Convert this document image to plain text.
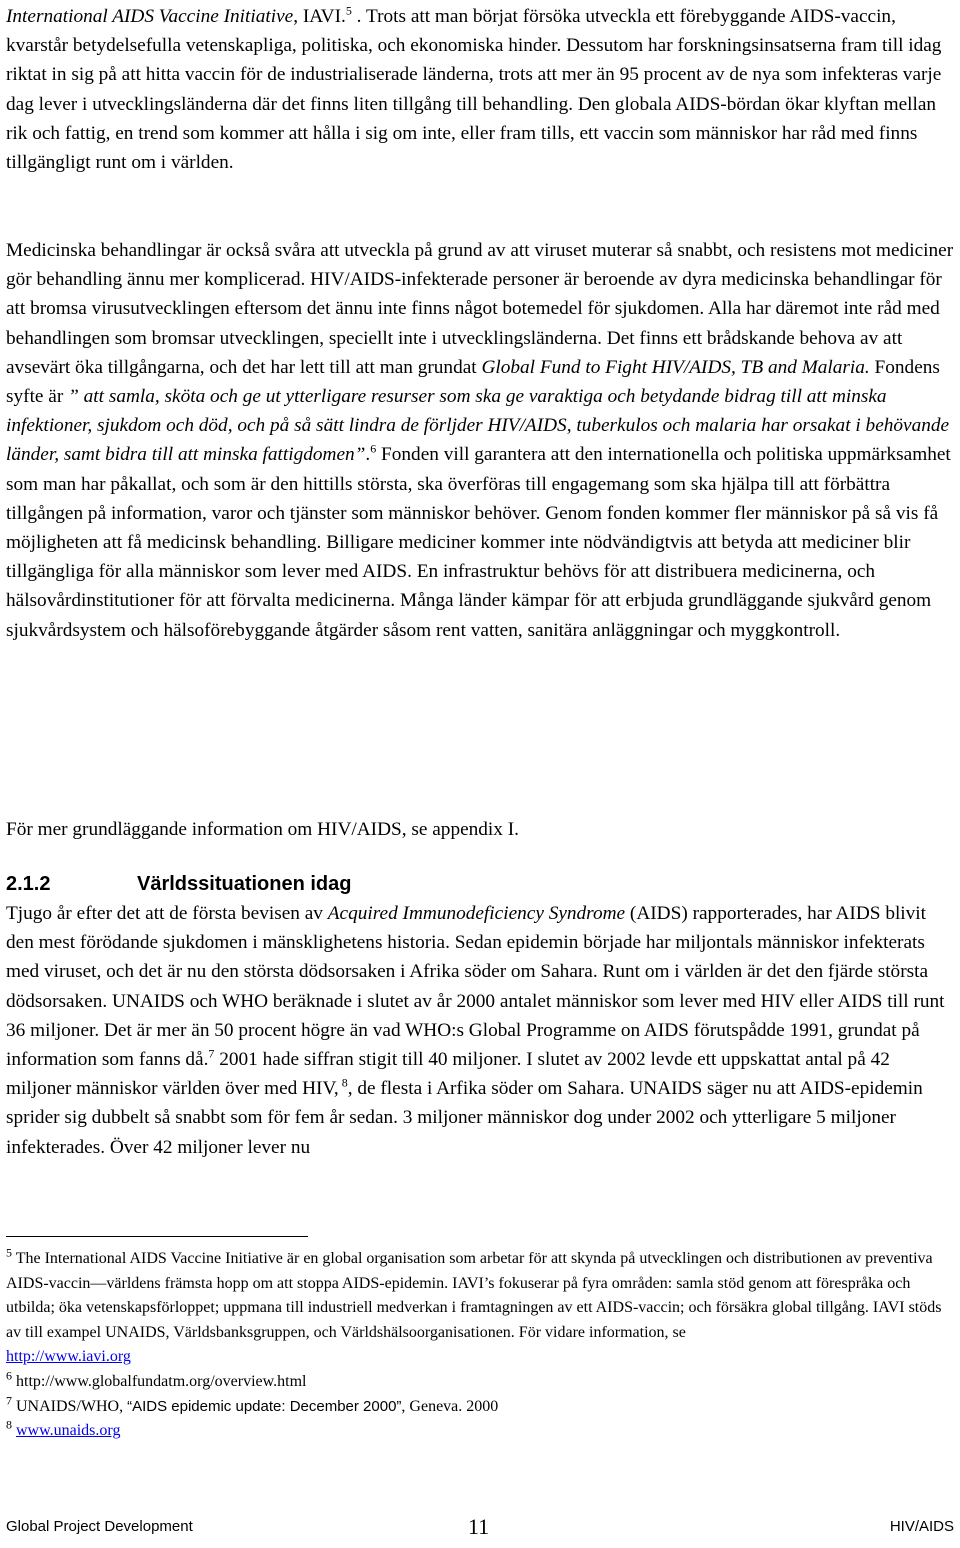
International AIDS Vaccine Initiative, IAVI.$^5$ . Trots att man börjat försöka utveckla ett förebyggande AIDS-vaccin, kvarstår betydelsefulla vetenskapliga, politiska, och ekonomiska hinder. Dessutom har forskningsinsatserna fram till idag riktat in sig på att hitta vaccin för de industrialiserade länderna, trots att mer än 95 procent av de nya som infekteras varje dag lever i utvecklingsländerna där det finns liten tillgång till behandling. Den globala AIDS-bördan ökar klyftan mellan rik och fattig, en trend som kommer att hålla i sig om inte, eller fram tills, ett vaccin som människor har råd med finns tillgängligt runt om i världen.

Medicinska behandlingar är också svåra att utveckla på grund av att viruset muterar så snabbt, och resistens mot mediciner gör behandling ännu mer komplicerad. HIV/AIDS-infekterade personer är beroende av dyra medicinska behandlingar för att bromsa virusutvecklingen eftersom det ännu inte finns något botemedel för sjukdomen. Alla har däremot inte råd med behandlingen som bromsar utvecklingen, speciellt inte i utvecklingsländerna. Det finns ett brådskande behova av att avsevärt öka tillgångarna, och det har lett till att man grundat Global Fund to Fight HIV/AIDS, TB and Malaria. Fondens syfte är ” att samla, sköta och ge ut ytterligare resurser som ska ge varaktiga och betydande bidrag till att minska infektioner, sjukdom och död, och på så sätt lindra de förljder HIV/AIDS, tuberkulos och malaria har orsakat i behövande länder, samt bidra till att minska fattigdomen”.$^6$ Fonden vill garantera att den internationella och politiska uppmärksamhet som man har påkallat, och som är den hittills största, ska överföras till engagemang som ska hjälpa till att förbättra tillgången på information, varor och tjänster som människor behöver. Genom fonden kommer fler människor på så vis få möjligheten att få medicinsk behandling. Billigare mediciner kommer inte nödvändigtvis att betyda att mediciner blir tillgängliga för alla människor som lever med AIDS. En infrastruktur behövs för att distribuera medicinerna, och hälsovårdinstitutioner för att förvalta medicinerna. Många länder kämpar för att erbjuda grundläggande sjukvård genom sjukvårdsystem och hälsoförebyggande åtgärder såsom rent vatten, sanitära anläggningar och myggkontroll.

För mer grundläggande information om HIV/AIDS, se appendix I.

2.1.2	Världssituationen idag

Tjugo år efter det att de första bevisen av Acquired Immunodeficiency Syndrome (AIDS) rapporterades, har AIDS blivit den mest förödande sjukdomen i mänsklighetens historia. Sedan epidemin började har miljontals människor infekterats med viruset, och det är nu den största dödsorsaken i Afrika söder om Sahara. Runt om i världen är det den fjärde största dödsorsaken. UNAIDS och WHO beräknade i slutet av år 2000 antalet människor som lever med HIV eller AIDS till runt 36 miljoner. Det är mer än 50 procent högre än vad WHO:s Global Programme on AIDS förutspådde 1991, grundat på information som fanns då.$^7$ 2001 hade siffran stigit till 40 miljoner. I slutet av 2002 levde ett uppskattat antal på 42 miljoner människor världen över med HIV, $^8$, de flesta i Arfika söder om Sahara. UNAIDS säger nu att AIDS-epidemin sprider sig dubbelt så snabbt som för fem år sedan. 3 miljoner människor dog under 2002 och ytterligare 5 miljoner infekterades. Över 42 miljoner lever nu

$^5$ The International AIDS Vaccine Initiative är en global organisation som arbetar för att skynda på utvecklingen och distributionen av preventiva AIDS-vaccin—världens främsta hopp om att stoppa AIDS-epidemin. IAVI’s fokuserar på fyra områden: samla stöd genom att förespråka och utbilda; öka vetenskapsförloppet; uppmana till industriell medverkan i framtagningen av ett AIDS-vaccin; och försäkra global tillgång. IAVI stöds av till exampel UNAIDS, Världsbanksgruppen, och Världshälsoorganisationen. För vidare information, se
http://www.iavi.org

$^6$ http://www.globalfundatm.org/overview.html

$^7$ UNAIDS/WHO, “AIDS epidemic update: December 2000”, Geneva. 2000

$^8$ www.unaids.org

Global Project Development	11	HIV/AIDS
